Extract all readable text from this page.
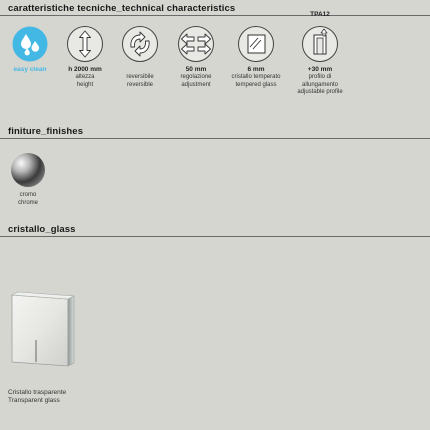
caratteristiche tecniche_technical characteristics
easy clean	h 2000 mm
altezza
height
reversibile
reversible
50 mm
regolazione
adjustment
6 mm
cristallo temperato
tempered glass
TPA12
+30 mm
profilo di allungamento
adjustable profile
finiture_finishes
cromo
chrome
cristallo_glass
Cristallo trasparente
Transparent glass
